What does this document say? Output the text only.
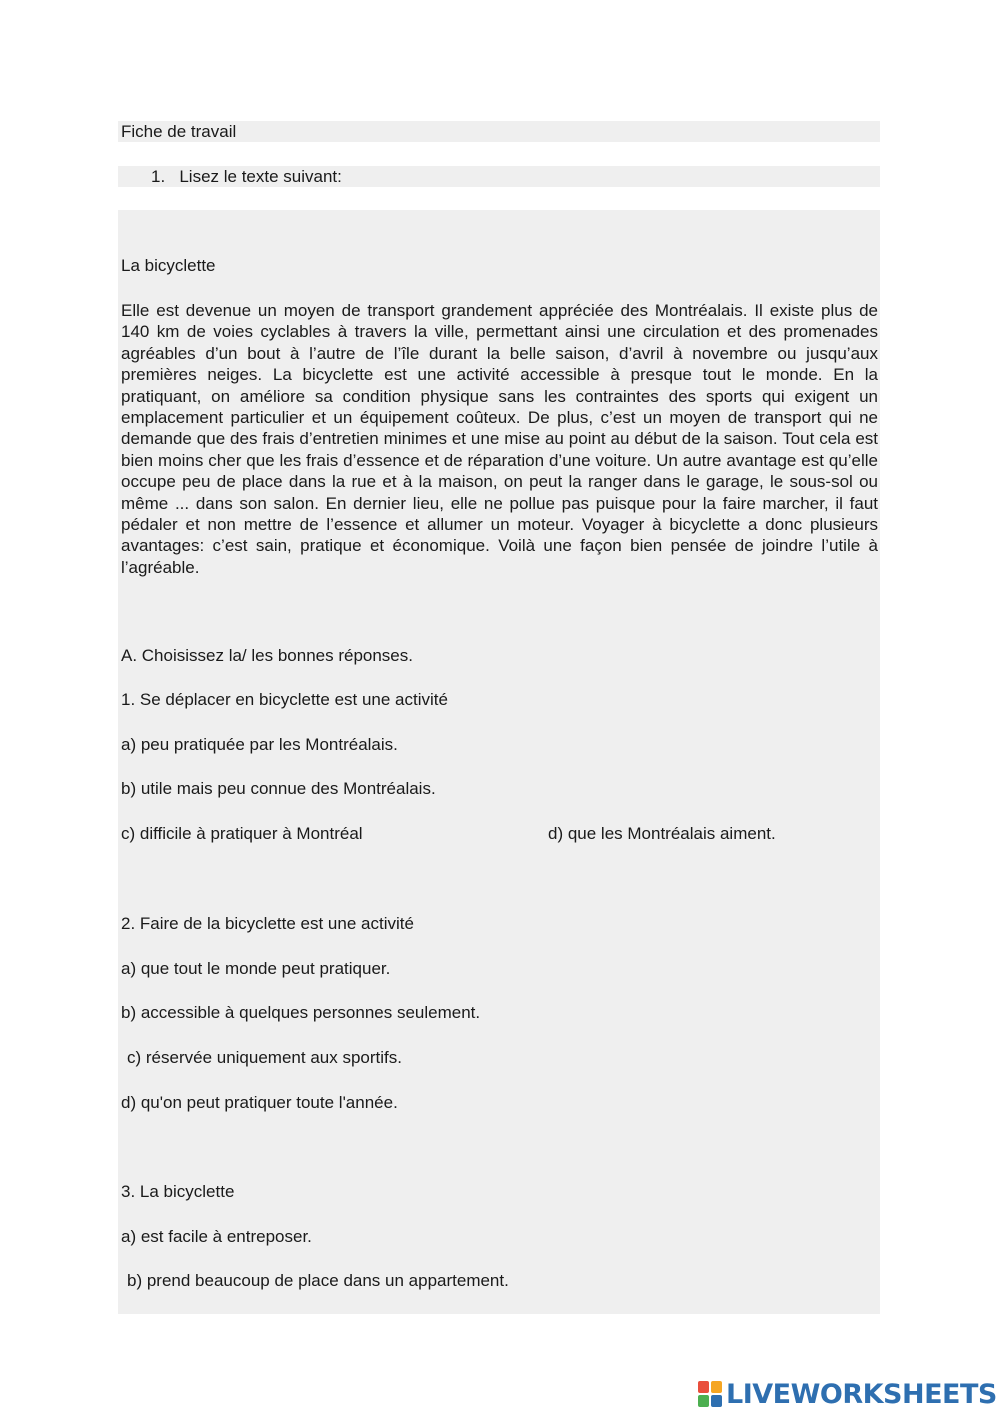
Fiche de travail
1.   Lisez le texte suivant:
La bicyclette

Elle est devenue un moyen de transport grandement appréciée des Montréalais. Il existe plus de 140 km de voies cyclables à travers la ville, permettant ainsi une circulation et des promenades agréables d’un bout à l’autre de l’île durant la belle saison, d’avril à novembre ou jusqu’aux premières neiges. La bicyclette est une activité accessible à presque tout le monde. En la pratiquant, on améliore sa condition physique sans les contraintes des sports qui exigent un emplacement particulier et un équipement coûteux. De plus, c’est un moyen de transport qui ne demande que des frais d’entretien minimes et une mise au point au début de la saison. Tout cela est bien moins cher que les frais d’essence et de réparation d’une voiture. Un autre avantage est qu’elle occupe peu de place dans la rue et à la maison, on peut la ranger dans le garage, le sous-sol ou même ... dans son salon. En dernier lieu, elle ne pollue pas puisque pour la faire marcher, il faut pédaler et non mettre de l’essence et allumer un moteur. Voyager à bicyclette a donc plusieurs avantages: c’est sain, pratique et économique. Voilà une façon bien pensée de joindre l’utile à l’agréable.

A. Choisissez la/ les bonnes réponses.
1. Se déplacer en bicyclette est une activité
a) peu pratiquée par les Montréalais.
b) utile mais peu connue des Montréalais.
c) difficile à pratiquer à Montréal	d) que les Montréalais aiment.
2. Faire de la bicyclette est une activité
a) que tout le monde peut pratiquer.
b) accessible à quelques personnes seulement.
c) réservée uniquement aux sportifs.
d) qu'on peut pratiquer toute l'année.
3. La bicyclette
a) est facile à entreposer.
b) prend beaucoup de place dans un appartement.
LIVEWORKSHEETS
